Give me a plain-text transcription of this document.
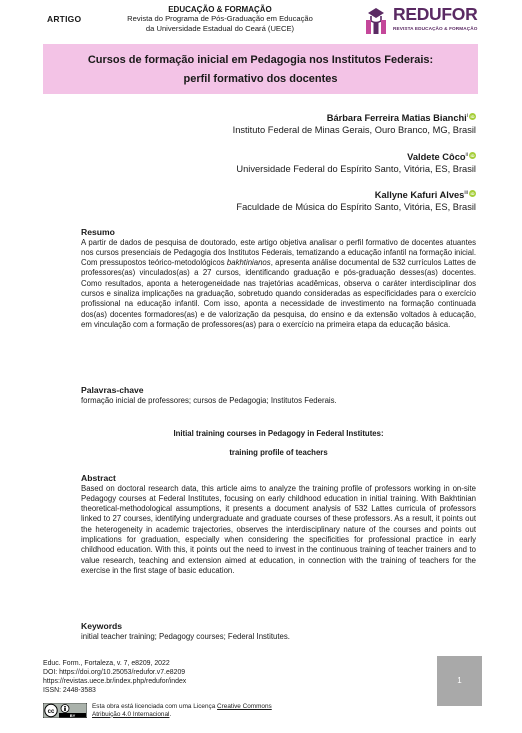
ARTIGO
EDUCAÇÃO & FORMAÇÃO
Revista do Programa de Pós-Graduação em Educação
da Universidade Estadual do Ceará (UECE)
REDUFOR
REVISTA EDUCAÇÃO & FORMAÇÃO
Cursos de formação inicial em Pedagogia nos Institutos Federais:
perfil formativo dos docentes
Bárbara Ferreira Matias Bianchi$^i$ iD
Instituto Federal de Minas Gerais, Ouro Branco, MG, Brasil
Valdete Côco$^{ii}$ iD
Universidade Federal do Espírito Santo, Vitória, ES, Brasil
Kallyne Kafuri Alves$^{iii}$ iD
Faculdade de Música do Espírito Santo, Vitória, ES, Brasil
Resumo
A partir de dados de pesquisa de doutorado, este artigo objetiva analisar o perfil formativo de docentes atuantes nos cursos presenciais de Pedagogia dos Institutos Federais, tematizando a educação infantil na formação inicial. Com pressupostos teórico-metodológicos bakhtinianos, apresenta análise documental de 532 currículos Lattes de professores(as) vinculados(as) a 27 cursos, identificando graduação e pós-graduação desses(as) docentes. Como resultados, aponta a heterogeneidade nas trajetórias acadêmicas, observa o caráter interdisciplinar dos cursos e sinaliza implicações na graduação, sobretudo quando consideradas as especificidades para o exercício profissional na educação infantil. Com isso, aponta a necessidade de investimento na formação continuada dos(as) docentes formadores(as) e de valorização da pesquisa, do ensino e da extensão voltados à educação, em vinculação com a formação de professores(as) para o exercício na primeira etapa da educação básica.
Palavras-chave
formação inicial de professores; cursos de Pedagogia; Institutos Federais.
Initial training courses in Pedagogy in Federal Institutes:
training profile of teachers
Abstract
Based on doctoral research data, this article aims to analyze the training profile of professors working in on-site Pedagogy courses at Federal Institutes, focusing on early childhood education in initial training. With Bakhtinian theoretical-methodological assumptions, it presents a document analysis of 532 Lattes curricula of professors linked to 27 courses, identifying undergraduate and graduate courses of these professors. As a result, it points out the heterogeneity in academic trajectories, observes the interdisciplinary nature of the courses and points out implications for graduation, especially when considering the specificities for professional practice in early childhood education. With this, it points out the need to invest in the continuous training of teacher trainers and to value research, teaching and extension aimed at education, in connection with the training of teachers for the exercise in the first stage of basic education.
Keywords
initial teacher training; Pedagogy courses; Federal Institutes.
Educ. Form., Fortaleza, v. 7, e8209, 2022
DOI: https://doi.org/10.25053/redufor.v7.e8209
https://revistas.uece.br/index.php/redufor/index
ISSN: 2448-3583
1
cc
BY
Esta obra está licenciada com uma Licença Creative Commons
Atribuição 4.0 Internacional.
